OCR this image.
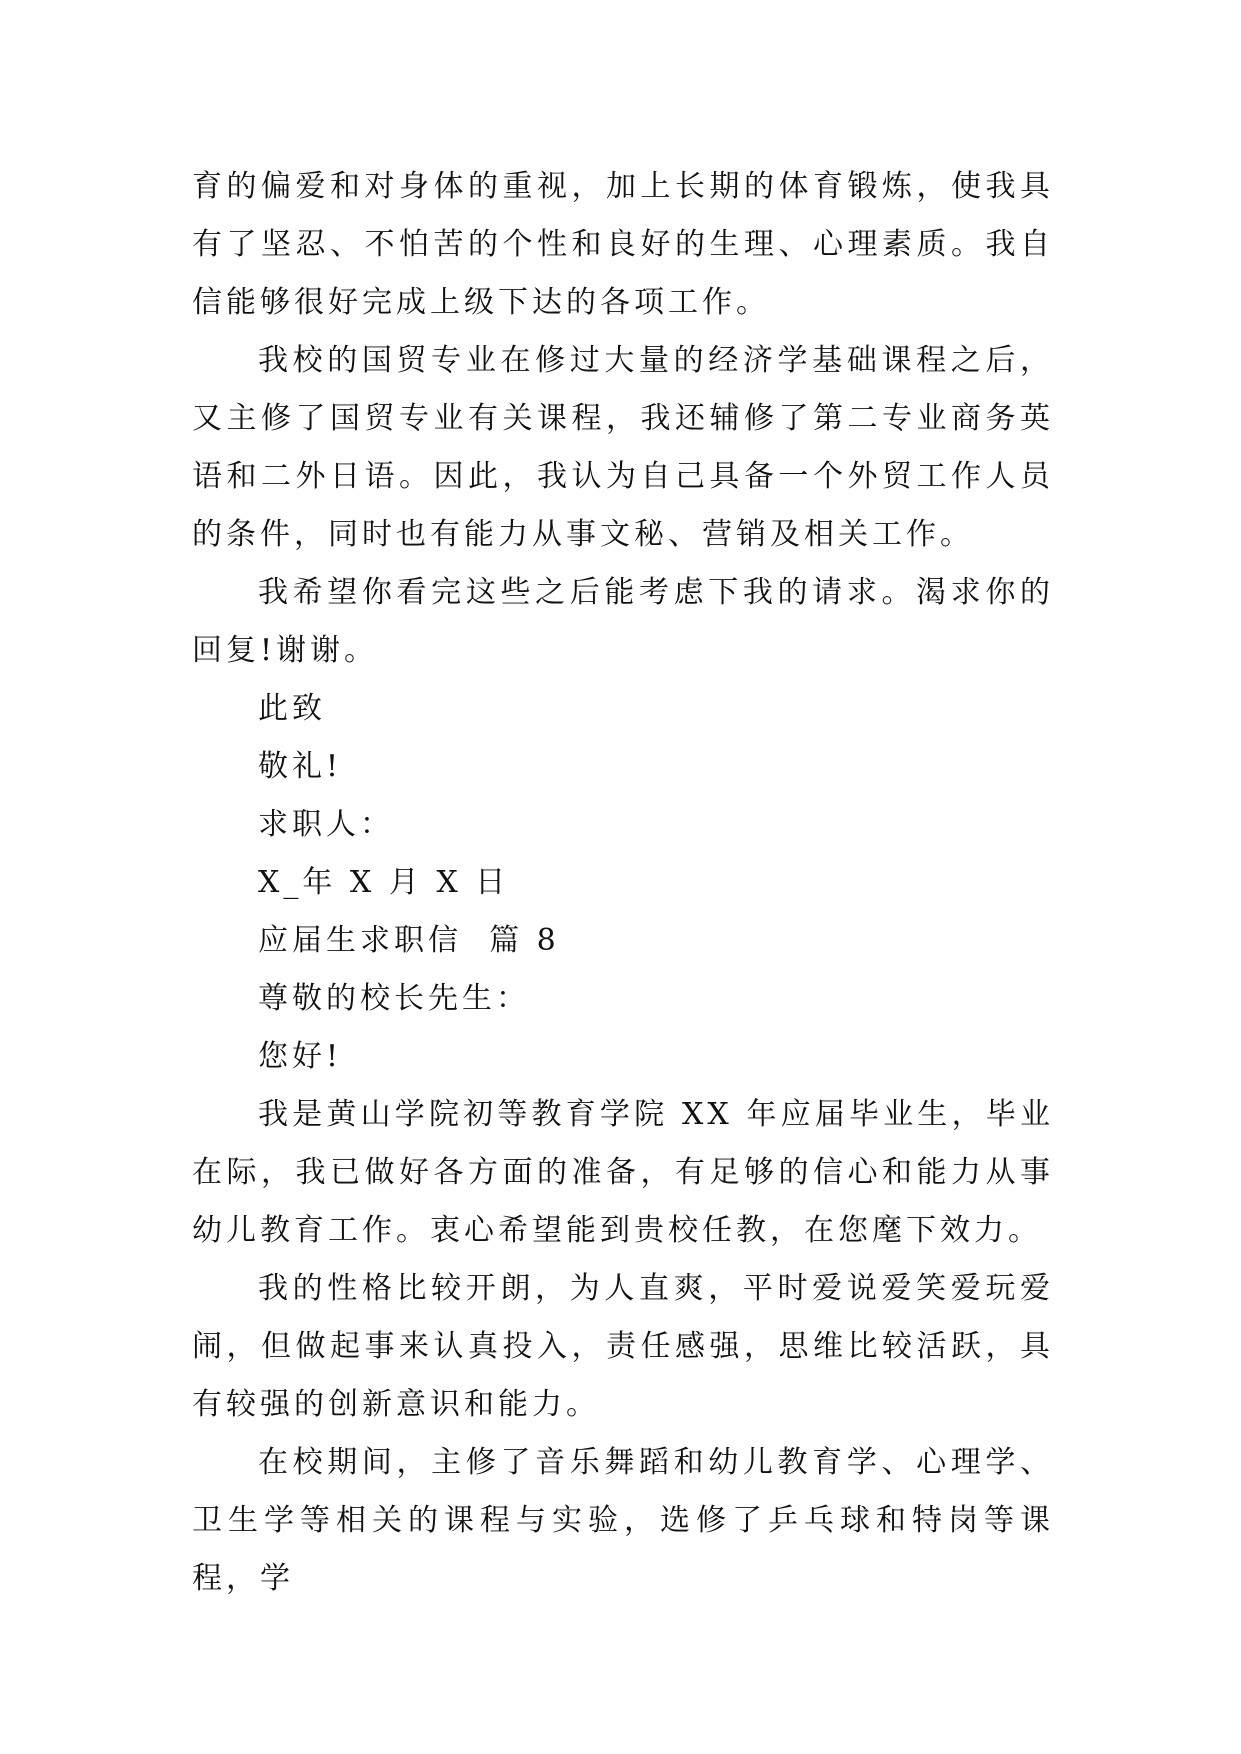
育的偏爱和对身体的重视，加上长期的体育锻炼，使我具有了坚忍、不怕苦的个性和良好的生理、心理素质。我自信能够很好完成上级下达的各项工作。

我校的国贸专业在修过大量的经济学基础课程之后，又主修了国贸专业有关课程，我还辅修了第二专业商务英语和二外日语。因此，我认为自己具备一个外贸工作人员的条件，同时也有能力从事文秘、营销及相关工作。

我希望你看完这些之后能考虑下我的请求。渴求你的回复!谢谢。

此致

敬礼!

求职人：

X_年 X 月 X 日

应届生求职信  篇 8

尊敬的校长先生：

您好!

我是黄山学院初等教育学院 XX 年应届毕业生，毕业在际，我已做好各方面的准备，有足够的信心和能力从事幼儿教育工作。衷心希望能到贵校任教，在您麾下效力。

我的性格比较开朗，为人直爽，平时爱说爱笑爱玩爱闹，但做起事来认真投入，责任感强，思维比较活跃，具有较强的创新意识和能力。

在校期间，主修了音乐舞蹈和幼儿教育学、心理学、卫生学等相关的课程与实验，选修了乒乓球和特岗等课程，学
